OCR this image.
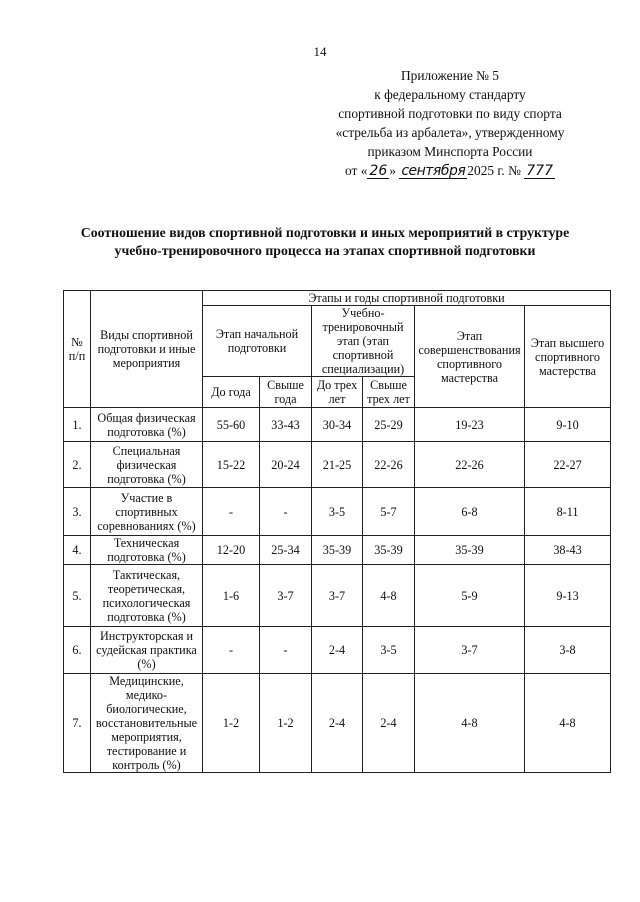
14
Приложение № 5
к федеральному стандарту
спортивной подготовки по виду спорта
«стрельба из арбалета», утвержденному
приказом Минспорта России
от « 26 » сентября 2025 г. № 777
Соотношение видов спортивной подготовки и иных мероприятий в структуре
учебно-тренировочного процесса на этапах спортивной подготовки
№ п/п	Виды спортивной подготовки и иные мероприятия	Этапы и годы спортивной подготовки					
		Этап начальной подготовки		Учебно-тренировочный этап (этап спортивной специализации)		Этап совершенствования спортивного мастерства	Этап высшего спортивного мастерства
		До года	Свыше года	До трех лет	Свыше трех лет		
1.	Общая физическая подготовка (%)	55-60	33-43	30-34	25-29	19-23	9-10
2.	Специальная физическая подготовка (%)	15-22	20-24	21-25	22-26	22-26	22-27
3.	Участие в спортивных соревнованиях (%)	-	-	3-5	5-7	6-8	8-11
4.	Техническая подготовка (%)	12-20	25-34	35-39	35-39	35-39	38-43
5.	Тактическая, теоретическая, психологическая подготовка (%)	1-6	3-7	3-7	4-8	5-9	9-13
6.	Инструкторская и судейская практика (%)	-	-	2-4	3-5	3-7	3-8
7.	Медицинские, медико-биологические, восстановительные мероприятия, тестирование и контроль (%)	1-2	1-2	2-4	2-4	4-8	4-8
